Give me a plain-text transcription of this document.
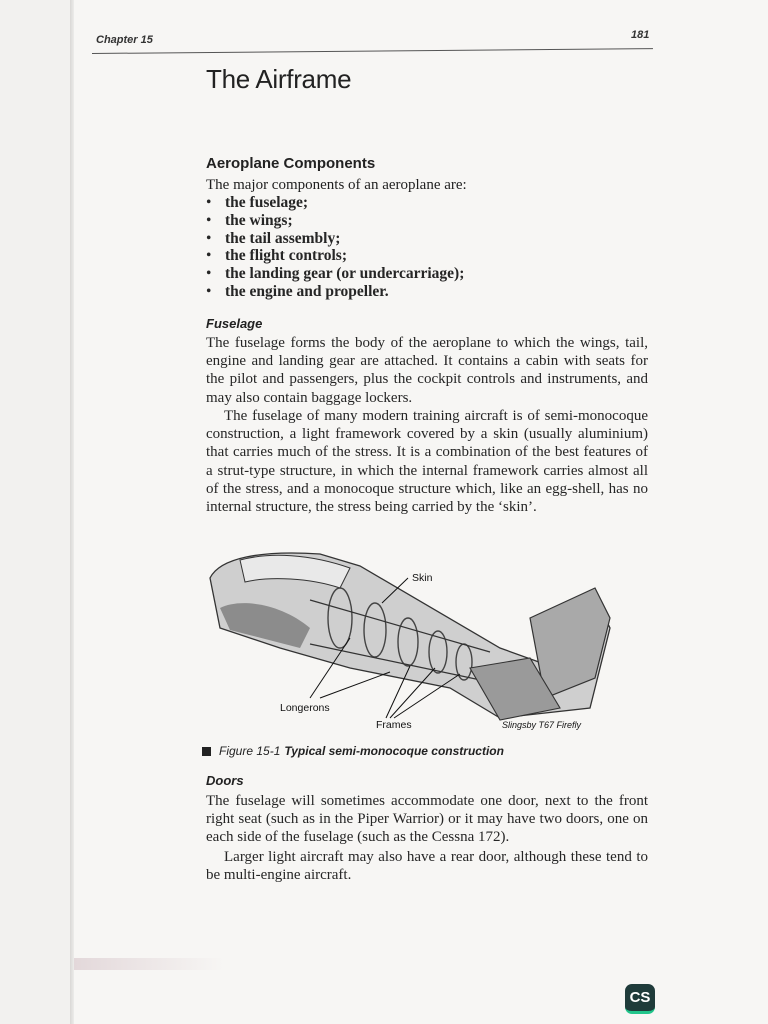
Chapter 15	181
The Airframe
Aeroplane Components
The major components of an aeroplane are:
• the fuselage;
• the wings;
• the tail assembly;
• the flight controls;
• the landing gear (or undercarriage);
• the engine and propeller.
Fuselage
The fuselage forms the body of the aeroplane to which the wings, tail, engine and landing gear are attached. It contains a cabin with seats for the pilot and passengers, plus the cockpit controls and instruments, and may also contain baggage lockers.
The fuselage of many modern training aircraft is of semi-monocoque construction, a light framework covered by a skin (usually aluminium) that carries much of the stress. It is a combination of the best features of a strut-type structure, in which the internal framework carries almost all of the stress, and a monocoque structure which, like an egg-shell, has no internal structure, the stress being carried by the ‘skin’.
Skin
Longerons
Frames	Slingsby T67 Firefly
Figure 15-1 Typical semi-monocoque construction
Doors
The fuselage will sometimes accommodate one door, next to the front right seat (such as in the Piper Warrior) or it may have two doors, one on each side of the fuselage (such as the Cessna 172).
Larger light aircraft may also have a rear door, although these tend to be multi-engine aircraft.
CS
